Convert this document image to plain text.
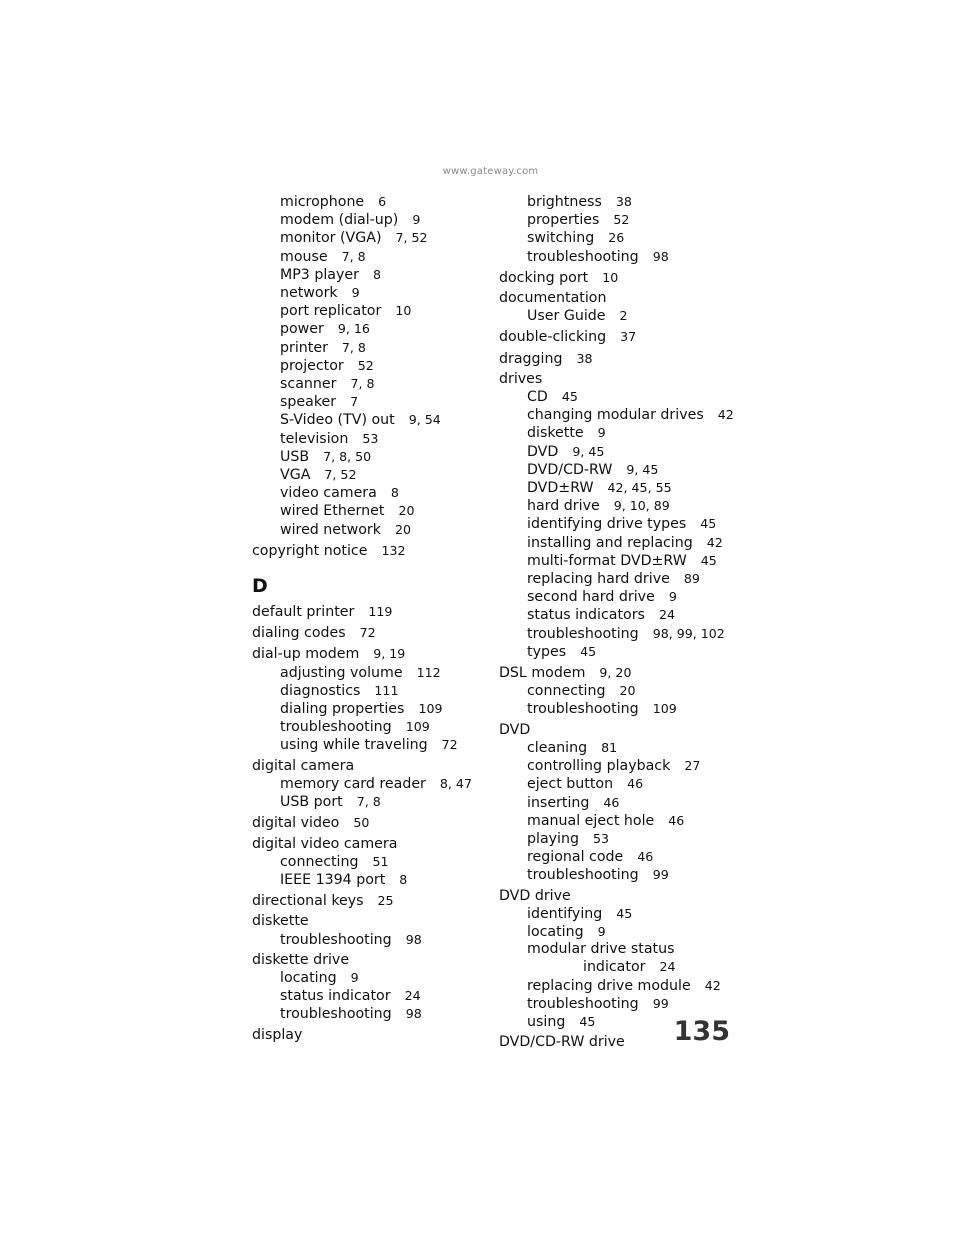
www.gateway.com
microphone 6
modem (dial-up) 9
monitor (VGA) 7, 52
mouse 7, 8
MP3 player 8
network 9
port replicator 10
power 9, 16
printer 7, 8
projector 52
scanner 7, 8
speaker 7
S-Video (TV) out 9, 54
television 53
USB 7, 8, 50
VGA 7, 52
video camera 8
wired Ethernet 20
wired network 20
copyright notice 132
D
default printer 119
dialing codes 72
dial-up modem 9, 19
adjusting volume 112
diagnostics 111
dialing properties 109
troubleshooting 109
using while traveling 72
digital camera
memory card reader 8, 47
USB port 7, 8
digital video 50
digital video camera
connecting 51
IEEE 1394 port 8
directional keys 25
diskette
troubleshooting 98
diskette drive
locating 9
status indicator 24
troubleshooting 98
display
brightness 38
properties 52
switching 26
troubleshooting 98
docking port 10
documentation
User Guide 2
double-clicking 37
dragging 38
drives
CD 45
changing modular drives 42
diskette 9
DVD 9, 45
DVD/CD-RW 9, 45
DVD±RW 42, 45, 55
hard drive 9, 10, 89
identifying drive types 45
installing and replacing 42
multi-format DVD±RW 45
replacing hard drive 89
second hard drive 9
status indicators 24
troubleshooting 98, 99, 102
types 45
DSL modem 9, 20
connecting 20
troubleshooting 109
DVD
cleaning 81
controlling playback 27
eject button 46
inserting 46
manual eject hole 46
playing 53
regional code 46
troubleshooting 99
DVD drive
identifying 45
locating 9
modular drive status
indicator 24
replacing drive module 42
troubleshooting 99
using 45
DVD/CD-RW drive	135
